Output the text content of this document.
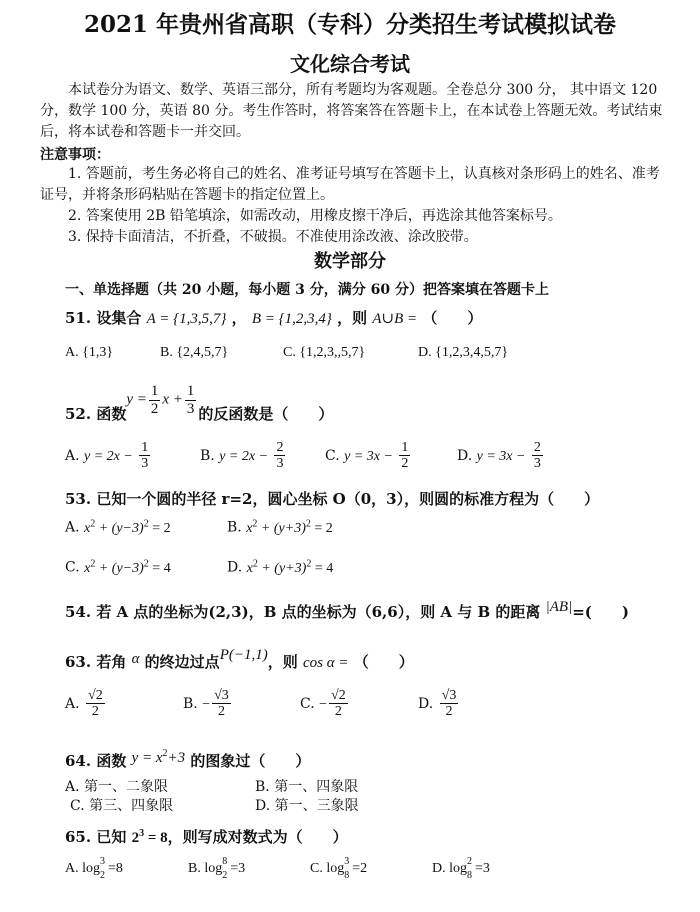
2021 年贵州省高职（专科）分类招生考试模拟试卷
文化综合考试
本试卷分为语文、数学、英语三部分，所有考题均为客观题。全卷总分 300 分， 其中语文 120 分，数学 100 分，英语 80 分。考生作答时，将答案答在答题卡上，在本试卷上答题无效。考试结束后，将本试卷和答题卡一并交回。
注意事项：
1. 答题前，考生务必将自己的姓名、准考证号填写在答题卡上，认真核对条形码上的姓名、准考证号，并将条形码粘贴在答题卡的指定位置上。
2. 答案使用 2B 铅笔填涂，如需改动，用橡皮擦干净后，再选涂其他答案标号。
3. 保持卡面清洁，不折叠，不破损。不准使用涂改液、涂改胶带。
数学部分
一、单选择题（共 20 小题，每小题 3 分，满分 60 分）把答案填在答题卡上
51. 设集合 A = {1,3,5,7} ， B = {1,2,3,4} ，则 A∪B = （　　）
A. {1,3}	B. {2,4,5,7}	C. {1,2,3,,5,7}	D. {1,2,3,4,5,7}
52. 函数
$y = \frac{1}{2}$ $x + \frac{1}{3}$ 的反函数是（　　）
A. $y = 2x - \frac{1}{3}$	B. $y = 2x - \frac{2}{3}$	C. $y = 3x - \frac{1}{2}$	D. $y = 3x - \frac{2}{3}$
53. 已知一个圆的半径 r=2，圆心坐标 O（0，3），则圆的标准方程为（　　）
A. $x^2 + (y-3)^2 = 2$	B. $x^2 + (y+3)^2 = 2$
C. $x^2 + (y-3)^2 = 4$	D. $x^2 + (y+3)^2 = 4$
54. 若 A 点的坐标为(2,3)，B 点的坐标为（6,6），则 A 与 B 的距离 |AB|=(　　)
63. 若角 α 的终边过点P(−1,1)，则 cos α = （　　）
A. $\frac{√2}{2}$	B. − $\frac{√3}{2}$	C. − $\frac{√2}{2}$	D. $\frac{√3}{2}$
64. 函数 $y = x^2+3$ 的图象过（　　）
A. 第一、二象限	B. 第一、四象限
C. 第三、四象限	D. 第一、三象限
65. 已知 $2^3 = 8$，则写成对数式为（　　）
A. log 3
2 =8	B. log 8
2 =3	C. log 3
8 =2	D. log 2
8 =3
